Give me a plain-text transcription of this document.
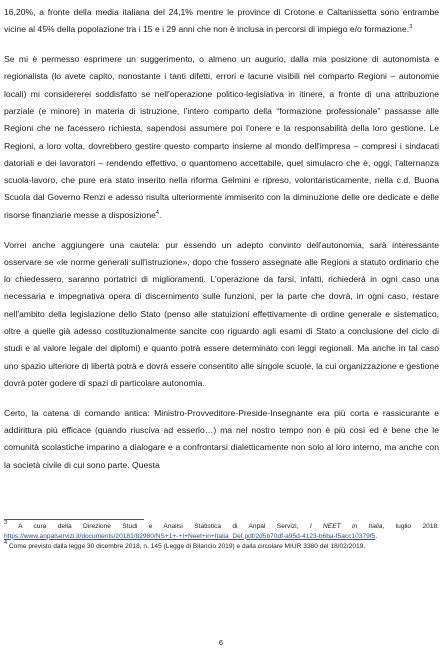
16,20%, a fronte della media italiana del 24,1% mentre le province di Crotone e Caltanissetta sono entrambe vicine al 45% della popolazione tra i 15 e i 29 anni che non è inclusa in percorsi di impiego e/o formazione.$^3$

Se mi è permesso esprimere un suggerimento, o almeno un augurio, dalla mia posizione di autonomista e regionalista (lo avete capito, nonostante i tanti difetti, errori e lacune visibili nel comparto Regioni – autonomie locali) mi considererei soddisfatto se nell'operazione politico-legislativa in itinere, a fronte di una attribuzione parziale (e minore) in materia di istruzione, l'intero comparto della “formazione professionale” passasse alle Regioni che ne facessero richiesta, sapendosi assumere poi l'onere e la responsabilità della loro gestione. Le Regioni, a loro volta, dovrebbero gestire questo comparto insieme al mondo dell'impresa – compresi i sindacati datoriali e dei lavoratori – rendendo effettivo, o quantomeno accettabile, quel simulacro che è, oggi, l'alternanza scuola-lavoro, che pure era stato inserito nella riforma Gelmini e ripreso, volontaristicamente, nella c.d. Buona Scuola dal Governo Renzi e adesso risulta ulteriormente immiserito con la diminuzione delle ore dedicate e delle risorse finanziarie messe a disposizione$^4$.

Vorrei anche aggiungere una cautela: pur essendo un adepto convinto dell'autonomia, sarà interessante osservare se «le norme generali sull'istruzione», dopo che fossero assegnate alle Regioni a statuto ordinario che lo chiedessero, saranno portatrici di miglioramenti. L'operazione da farsi, infatti, richiederà in ogni caso una necessaria e impegnativa opera di discernimento sulle funzioni, per la parte che dovrà, in ogni caso, restare nell'ambito della legislazione dello Stato (penso alle statuizioni effettivamente di ordine generale e sistematico, oltre a quelle già adesso costituzionalmente sancite con riguardo agli esami di Stato a conclusione del ciclo di studi e al valore legale dei diplomi) e quanto potrà essere determinato con leggi regionali. Ma anche in tal caso uno spazio ulteriore di libertà potrà e dovrà essere consentito alle singole scuole, la cui organizzazione e gestione dovrà poter godere di spazi di particolare autonomia.

Certo, la catena di comando antica: Ministro-Provveditore-Preside-Insegnante era più corta e rassicurante e addirittura più efficace (quando riusciva ad esserlo…) ma nel nostro tempo non è più così ed è bene che le comunità scolastiche imparino a dialogare e a confrontarsi dialetticamente non solo al loro interno, ma anche con la società civile di cui sono parte. Questa

$^3$ A cura della Direzione Studi e Analisi Statistica di Anpal Servizi, I NEET in Italia, luglio 2018: https://www.anpalservizi.it/documents/20181/82980/NS+1+-+I+Neet+in+Italia_Def.pdf/2d5b70df-a95d-4123-b6ba-f5acc10379f5.

$^4$ Come previsto dalla legge 30 dicembre 2018, n. 145 (Legge di Bilancio 2019) e dalla circolare MIUR 3380 del 18/02/2019.

6
